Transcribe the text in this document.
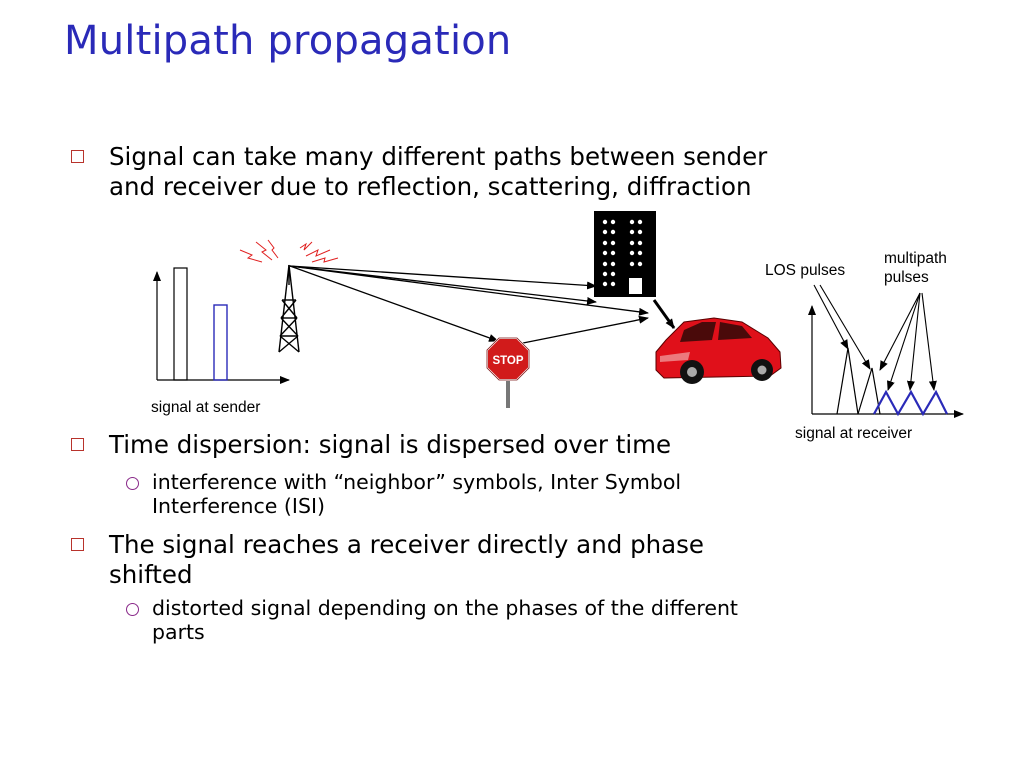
Multipath propagation
Signal can take many different paths between sender
and receiver due to reflection, scattering, diffraction
Time dispersion: signal is dispersed over time
interference with “neighbor” symbols, Inter Symbol
Interference (ISI)
The signal reaches a receiver directly and phase
shifted
distorted signal depending on the phases of the different
parts
signal at sender
signal at receiver
LOS pulses
multipath
pulses
STOP
